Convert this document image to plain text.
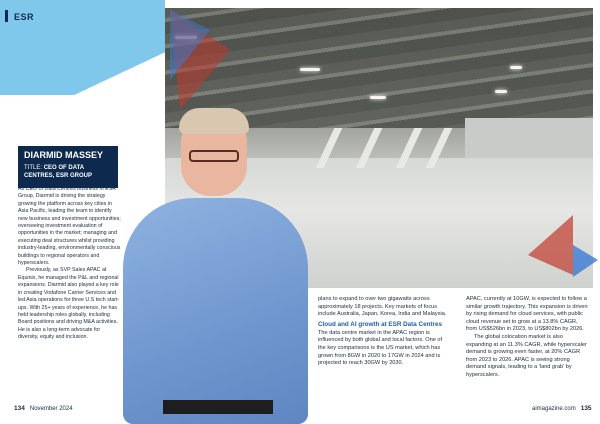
ESR
DIARMID MASSEY
TITLE: CEO OF DATA CENTRES, ESR GROUP

As CEO of Data Centres business in ESR Group, Diarmid is driving the strategy growing the platform across key cities in Asia Pacific, leading the team to identify new business and investment opportunities; overseeing investment evaluation of opportunities in the market; managing and executing deal structures whilst providing industry-leading, environmentally conscious buildings to regional operators and hyperscalers.

Previously, as SVP Sales APAC at Equinix, he managed the P&L and regional expansions. Diarmid also played a key role in creating Vodafone Carrier Services and led Asia operations for three U.S tech start-ups. With 25+ years of experience, he has held leadership roles globally, including Board positions and driving M&A activities. He is also a long-term advocate for diversity, equity and inclusion.

plans to expand to over two gigawatts across approximately 18 projects. Key markets of focus include Australia, Japan, Korea, India and Malaysia.

Cloud and AI growth at ESR Data Centres

The data centre market in the APAC region is influenced by both global and local factors. One of the key comparisons is the US market, which has grown from 8GW in 2020 to 17GW in 2024 and is projected to reach 30GW by 2030.

APAC, currently at 10GW, is expected to follow a similar growth trajectory. This expansion is driven by rising demand for cloud services, with public cloud revenue set to grow at a 13.8% CAGR, from US$526bn in 2023, to US$802bn by 2026.

The global colocation market is also expanding at an 11.3% CAGR, while hyperscaler demand is growing even faster, at 20% CAGR from 2023 to 2026. APAC is seeing strong demand signals, leading to a 'land grab' by hyperscalers.

134 November 2024	aimagazine.com 135
